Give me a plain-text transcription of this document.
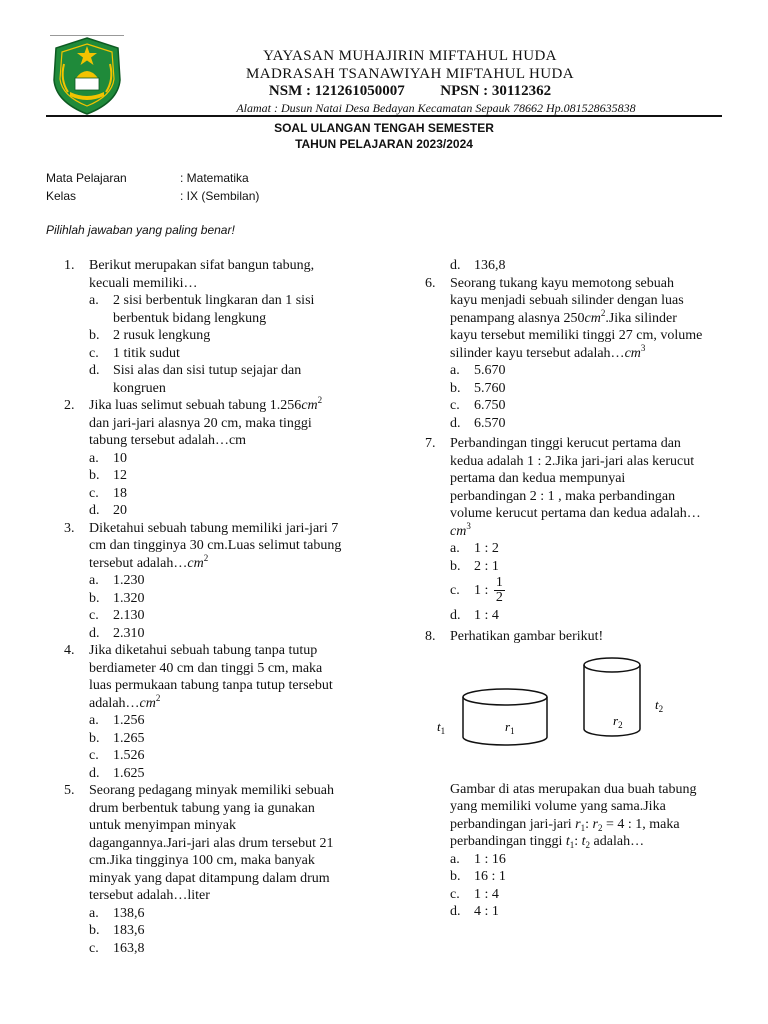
YAYASAN MUHAJIRIN MIFTAHUL HUDA
MADRASAH TSANAWIYAH MIFTAHUL HUDA
NSM : 121261050007 NPSN : 30112362
Alamat : Dusun Natai Desa Bedayan Kecamatan Sepauk 78662 Hp.081528635838
SOAL ULANGAN TENGAH SEMESTER
TAHUN PELAJARAN 2023/2024
Mata Pelajaran	: Matematika
Kelas	: IX (Sembilan)
Pilihlah jawaban yang paling benar!
1. Berikut merupakan sifat bangun tabung,
kecuali memiliki…
a. 2 sisi berbentuk lingkaran dan 1 sisi
berbentuk bidang lengkung
b. 2 rusuk lengkung
c. 1 titik sudut
d. Sisi alas dan sisi tutup sejajar dan
kongruen
2. Jika luas selimut sebuah tabung $1.256cm^2$
dan jari-jari alasnya 20 cm, maka tinggi
tabung tersebut adalah…cm
a. 10
b. 12
c. 18
d. 20
3. Diketahui sebuah tabung memiliki jari-jari 7
cm dan tingginya 30 cm.Luas selimut tabung
tersebut $adalah\dots cm^2$
a. 1.230
b. 1.320
c. 2.130
d. 2.310
4. Jika diketahui sebuah tabung tanpa tutup
berdiameter 40 cm dan tinggi 5 cm, maka
luas permukaan tabung tanpa tutup tersebut
$adalah\dots cm^2$
a. 1.256
b. 1.265
c. 1.526
d. 1.625
5. Seorang pedagang minyak memiliki sebuah
drum berbentuk tabung yang ia gunakan
untuk menyimpan minyak
dagangannya.Jari-jari alas drum tersebut 21
cm.Jika tingginya 100 cm, maka banyak
minyak yang dapat ditampung dalam drum
tersebut adalah…liter
a. 138,6
b. 183,6
c. 163,8
d. 136,8
6. Seorang tukang kayu memotong sebuah
kayu menjadi sebuah silinder dengan luas
penampang alasnya $250cm^2.Jika$ silinder
kayu tersebut memiliki tinggi 27 cm, volume
silinder kayu tersebut $adalah\dots cm^3$
a. 5.670
b. 5.760
c. 6.750
d. 6.570
7. Perbandingan tinggi kerucut pertama dan
kedua adalah 1 : 2.Jika jari-jari alas kerucut
pertama dan kedua mempunyai
perbandingan 2 : 1 , maka perbandingan
volume kerucut pertama dan kedua adalah…
$cm^3$
a. 1 : 2
b. 2 : 1
c. 1 : $\frac{1}{2}$
d. 1 : 4
8. Perhatikan gambar berikut!
$t_1$	$r_1$
$r_2$
$t_2$
Gambar di atas merupakan dua buah tabung
yang memiliki volume yang sama.Jika
perbandingan jari-jari $r_1$: $r_2 = 4$ : 1, maka
perbandingan tinggi $t_1$: $t_2$ adalah…
a. 1 : 16
b. 16 : 1
c. 1 : 4
d. 4 : 1
